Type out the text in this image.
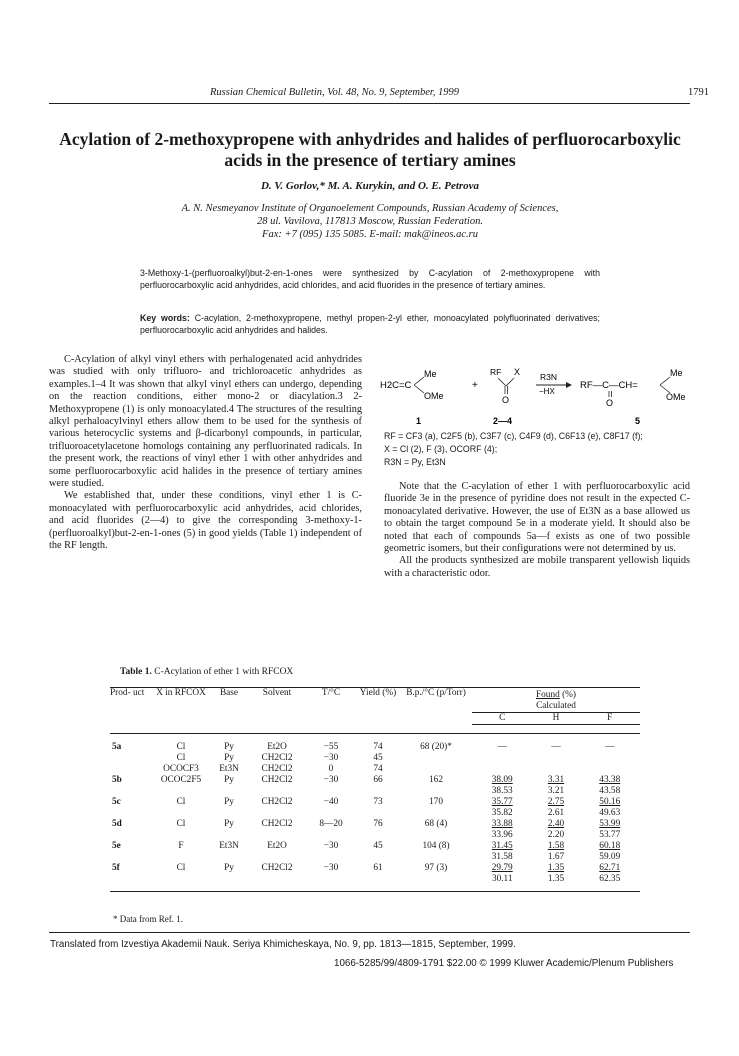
Russian Chemical Bulletin, Vol. 48, No. 9, September, 1999	1791
Acylation of 2-methoxypropene with anhydrides and halides of perfluorocarboxylic acids in the presence of tertiary amines
D. V. Gorlov,* M. A. Kurykin, and O. E. Petrova
A. N. Nesmeyanov Institute of Organoelement Compounds, Russian Academy of Sciences,
28 ul. Vavilova, 117813 Moscow, Russian Federation.
Fax: +7 (095) 135 5085. E-mail: mak@ineos.ac.ru
3-Methoxy-1-(perfluoroalkyl)but-2-en-1-ones were synthesized by C-acylation of 2-methoxypropene with perfluorocarboxylic acid anhydrides, acid chlorides, and acid fluorides in the presence of tertiary amines.
Key words: C-acylation, 2-methoxypropene, methyl propen-2-yl ether, monoacylated polyfluorinated derivatives; perfluorocarboxylic acid anhydrides and halides.

C-Acylation of alkyl vinyl ethers with perhalogenated acid anhydrides was studied with only trifluoro- and trichloroacetic anhydrides as examples.1–4 It was shown that alkyl vinyl ethers can undergo, depending on the reaction conditions, either mono-2 or diacylation.3 2-Methoxypropene (1) is only monoacylated.4 The structures of the resulting alkyl perhaloacylvinyl ethers allow them to be used for the synthesis of various heterocyclic systems and β-dicarbonyl compounds, in particular, trifluoroacetylacetone homologs containing any perfluorinated radicals. In the present work, the reactions of vinyl ether 1 with other anhydrides and some perfluorocarboxylic acid halides in the presence of tertiary amines were studied.

We established that, under these conditions, vinyl ether 1 is C-monoacylated with perfluorocarboxylic acid anhydrides, acid chlorides, and acid fluorides (2—4) to give the corresponding 3-methoxy-1-(perfluoroalkyl)but-2-en-1-ones (5) in good yields (Table 1) independent of the RF length.

H2C=C
Me
OMe
+
RF X
O
R3N
−HX
RF—C—CH=
Me
OMe
O
1	2—4	5
RF = CF3 (a), C2F5 (b), C3F7 (c), C4F9 (d), C6F13 (e), C8F17 (f);
X = Cl (2), F (3), OCORF (4);
R3N = Py, Et3N

Note that the C-acylation of ether 1 with perfluorocarboxylic acid fluoride 3e in the presence of pyridine does not result in the expected C-monoacylated derivative. However, the use of Et3N as a base allowed us to obtain the target compound 5e in a moderate yield. It should also be noted that each of compounds 5a—f exists as one of two possible geometric isomers, but their configurations were not determined by us.

All the products synthesized are mobile transparent yellowish liquids with a characteristic odor.

Table 1. C-Acylation of ether 1 with RFCOX
Prod- uct	X in RFCOX	Base	Solvent	T/°C	Yield (%)	B.p./°C (p/Torr)	Found (%)
Calculated		
							C	H	F

5a	Cl	Py	Et2O	−55	74	68 (20)*	—	—	—
	Cl	Py	CH2Cl2	−30	45				
	OCOCF3	Et3N	CH2Cl2	0	74				
5b	OCOC2F5	Py	CH2Cl2	−30	66	162	38.09	3.31	43.38
							38.53	3.21	43.58
5c	Cl	Py	CH2Cl2	−40	73	170	35.77	2.75	50.16
							35.82	2.61	49.63
5d	Cl	Py	CH2Cl2	8—20	76	68 (4)	33.88	2.40	53.99
							33.96	2.20	53.77
5e	F	Et3N	Et2O	−30	45	104 (8)	31.45	1.58	60.18
							31.58	1.67	59.09
5f	Cl	Py	CH2Cl2	−30	61	97 (3)	29.79	1.35	62.71
							30.11	1.35	62.35

* Data from Ref. 1.
Translated from Izvestiya Akademii Nauk. Seriya Khimicheskaya, No. 9, pp. 1813—1815, September, 1999.
1066-5285/99/4809-1791 $22.00 © 1999 Kluwer Academic/Plenum Publishers
